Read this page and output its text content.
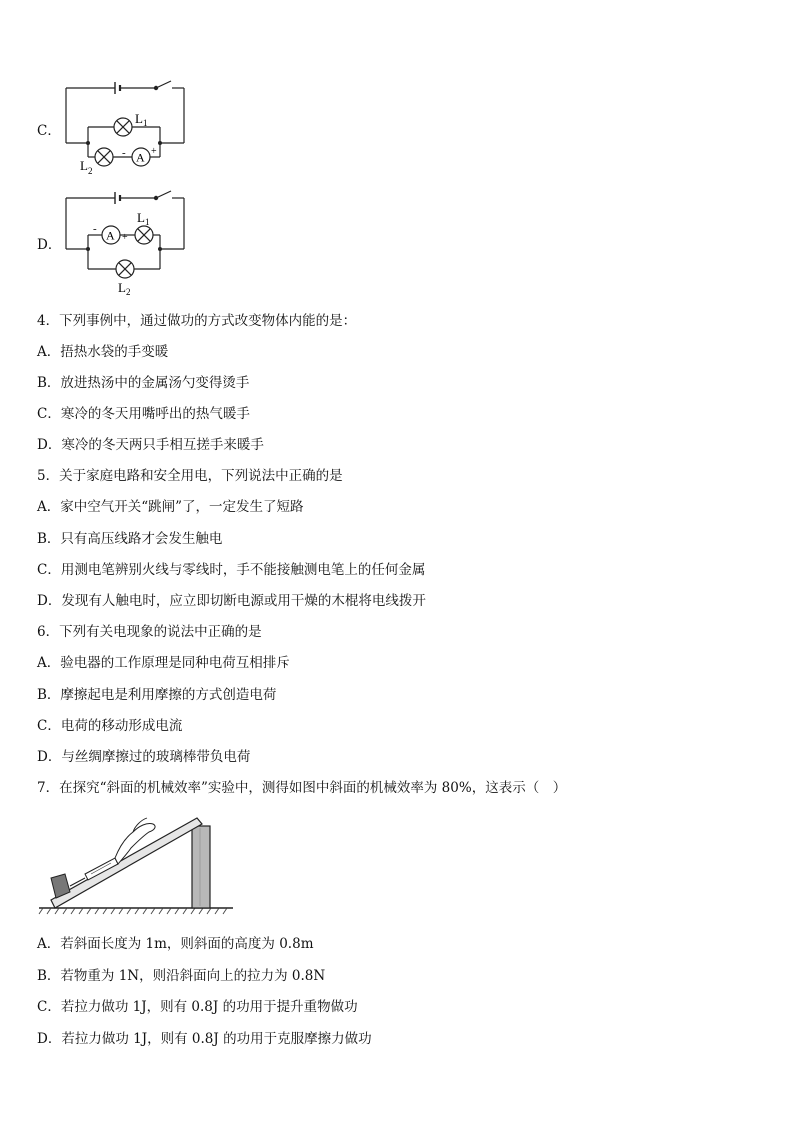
C．
L 1
L 2
A
-	+
D．
A
-
+
L 1
L 2
4．下列事例中，通过做功的方式改变物体内能的是：
A．捂热水袋的手变暖
B．放进热汤中的金属汤勺变得烫手
C．寒冷的冬天用嘴呼出的热气暖手
D．寒冷的冬天两只手相互搓手来暖手
5．关于家庭电路和安全用电，下列说法中正确的是
A．家中空气开关“跳闸”了，一定发生了短路
B．只有高压线路才会发生触电
C．用测电笔辨别火线与零线时，手不能接触测电笔上的任何金属
D．发现有人触电时，应立即切断电源或用干燥的木棍将电线拨开
6．下列有关电现象的说法中正确的是
A．验电器的工作原理是同种电荷互相排斥
B．摩擦起电是利用摩擦的方式创造电荷
C．电荷的移动形成电流
D．与丝绸摩擦过的玻璃棒带负电荷
7．在探究“斜面的机械效率”实验中，测得如图中斜面的机械效率为 80%，这表示（　）
A．若斜面长度为 1m，则斜面的高度为 0.8m
B．若物重为 1N，则沿斜面向上的拉力为 0.8N
C．若拉力做功 1J，则有 0.8J 的功用于提升重物做功
D．若拉力做功 1J，则有 0.8J 的功用于克服摩擦力做功
